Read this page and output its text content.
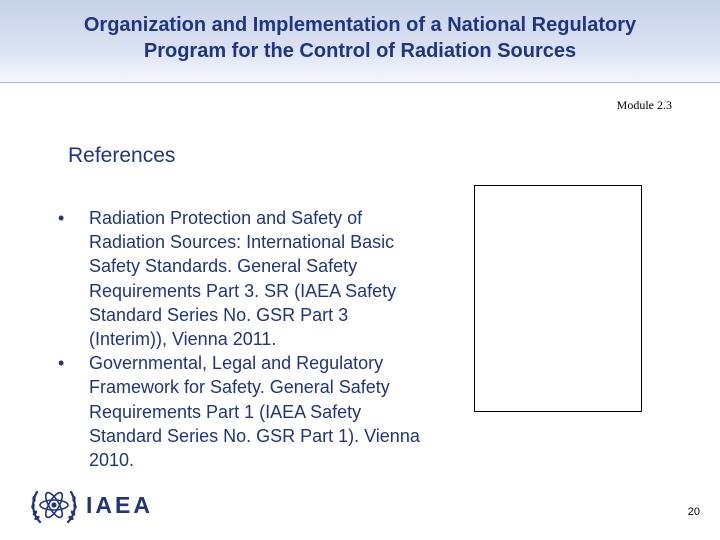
Organization and Implementation of a National Regulatory
Program for the Control of Radiation Sources
Module 2.3
References
• Radiation Protection and Safety of Radiation Sources: International Basic Safety Standards. General Safety Requirements Part 3. SR (IAEA Safety Standard Series No. GSR Part 3 (Interim)), Vienna 2011.
• Governmental, Legal and Regulatory Framework for Safety. General Safety Requirements Part 1 (IAEA Safety Standard Series No. GSR Part 1). Vienna 2010.
IAEA	20
